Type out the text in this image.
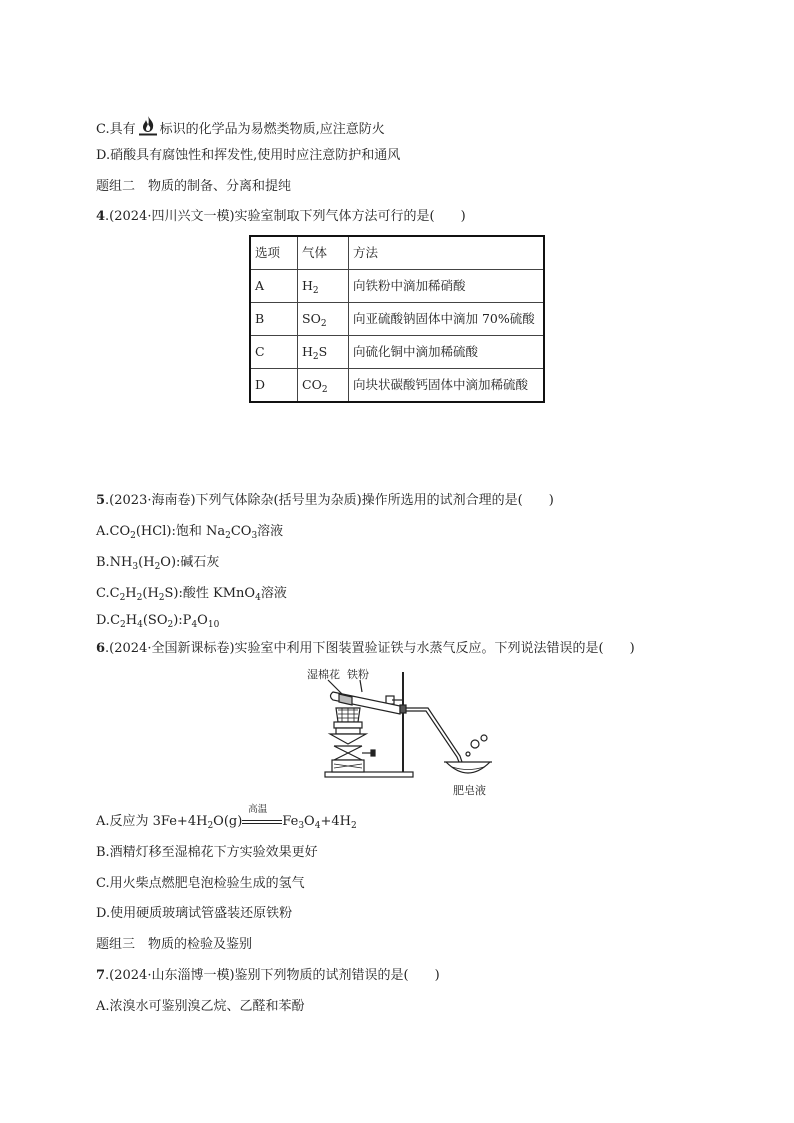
C.具有 标识的化学品为易燃类物质,应注意防火
D.硝酸具有腐蚀性和挥发性,使用时应注意防护和通风
题组二　物质的制备、分离和提纯
4.(2024·四川兴文一模)实验室制取下列气体方法可行的是(　　)
选项	气体	方法
A	$H_2$	向铁粉中滴加稀硝酸
B	$SO_2$	向亚硫酸钠固体中滴加 70%硫酸
C	$H_2S$	向硫化铜中滴加稀硫酸
D	$CO_2$	向块状碳酸钙固体中滴加稀硫酸
5.(2023·海南卷)下列气体除杂(括号里为杂质)操作所选用的试剂合理的是(　　)
$A.CO_2(HCl)$:饱和 $Na_2CO_3$溶液
$B.NH_3(H_2O)$:碱石灰
$C.C_2H_2(H_2S)$:酸性 KMnO$_4$溶液
$D.C_2H_4(SO_2):P_4O_{10}$
6.(2024·全国新课标卷)实验室中利用下图装置验证铁与水蒸气反应。下列说法错误的是(　　)
湿棉花 铁粉
肥皂液
A.反应为 $3Fe+4H_2O(g)$
高温
$Fe_3O_4+4H_2$
B.酒精灯移至湿棉花下方实验效果更好
C.用火柴点燃肥皂泡检验生成的氢气
D.使用硬质玻璃试管盛装还原铁粉
题组三　物质的检验及鉴别
7.(2024·山东淄博一模)鉴别下列物质的试剂错误的是(　　)
A.浓溴水可鉴别溴乙烷、乙醛和苯酚
